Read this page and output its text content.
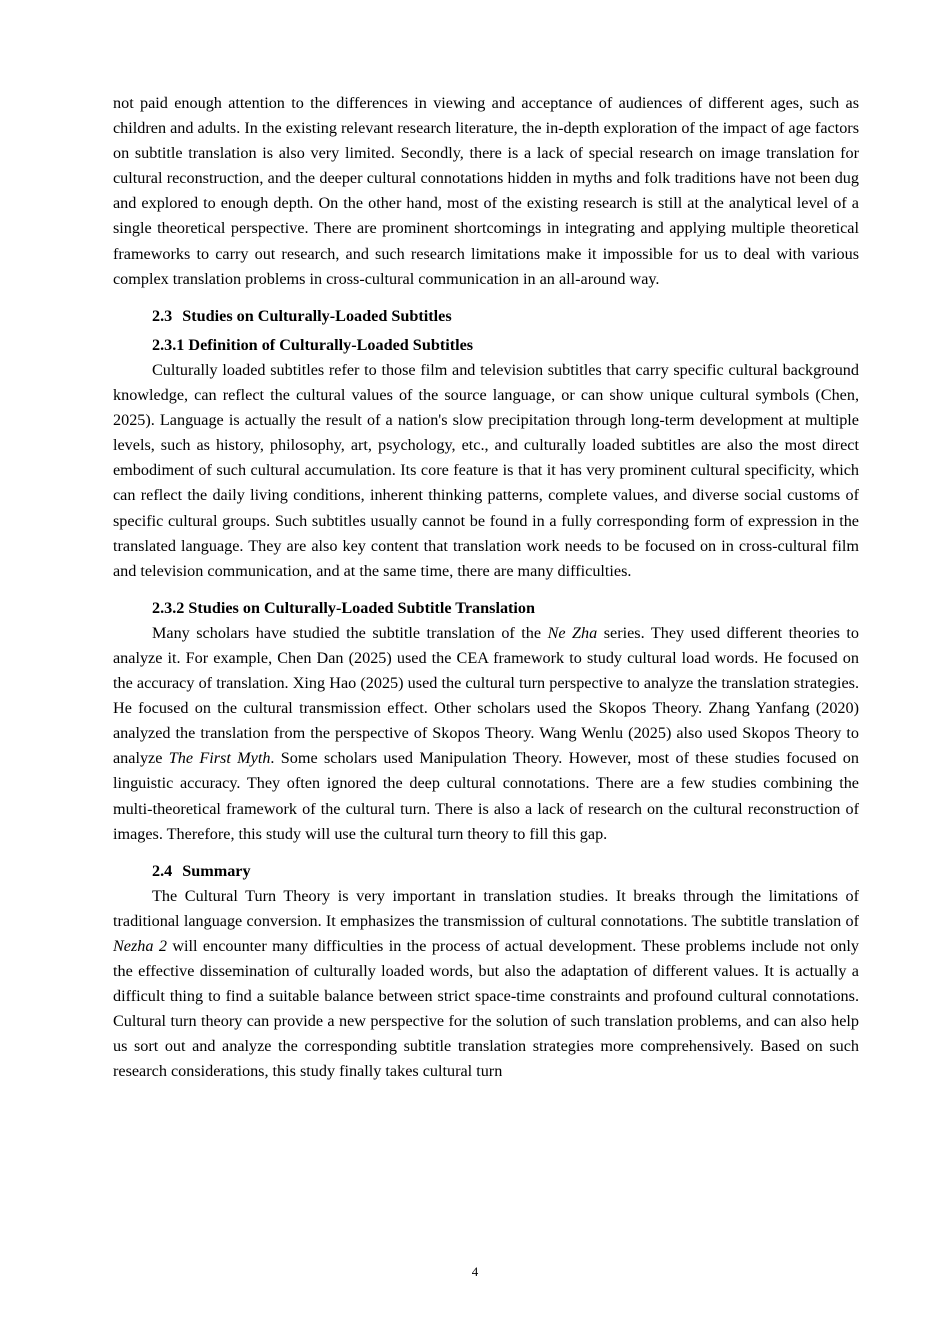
not paid enough attention to the differences in viewing and acceptance of audiences of different ages, such as children and adults. In the existing relevant research literature, the in-depth exploration of the impact of age factors on subtitle translation is also very limited. Secondly, there is a lack of special research on image translation for cultural reconstruction, and the deeper cultural connotations hidden in myths and folk traditions have not been dug and explored to enough depth. On the other hand, most of the existing research is still at the analytical level of a single theoretical perspective. There are prominent shortcomings in integrating and applying multiple theoretical frameworks to carry out research, and such research limitations make it impossible for us to deal with various complex translation problems in cross-cultural communication in an all-around way.

2.3 Studies on Culturally-Loaded Subtitles
2.3.1 Definition of Culturally-Loaded Subtitles

Culturally loaded subtitles refer to those film and television subtitles that carry specific cultural background knowledge, can reflect the cultural values of the source language, or can show unique cultural symbols (Chen, 2025). Language is actually the result of a nation's slow precipitation through long-term development at multiple levels, such as history, philosophy, art, psychology, etc., and culturally loaded subtitles are also the most direct embodiment of such cultural accumulation. Its core feature is that it has very prominent cultural specificity, which can reflect the daily living conditions, inherent thinking patterns, complete values, and diverse social customs of specific cultural groups. Such subtitles usually cannot be found in a fully corresponding form of expression in the translated language. They are also key content that translation work needs to be focused on in cross-cultural film and television communication, and at the same time, there are many difficulties.

2.3.2 Studies on Culturally-Loaded Subtitle Translation

Many scholars have studied the subtitle translation of the Ne Zha series. They used different theories to analyze it. For example, Chen Dan (2025) used the CEA framework to study cultural load words. He focused on the accuracy of translation. Xing Hao (2025) used the cultural turn perspective to analyze the translation strategies. He focused on the cultural transmission effect. Other scholars used the Skopos Theory. Zhang Yanfang (2020) analyzed the translation from the perspective of Skopos Theory. Wang Wenlu (2025) also used Skopos Theory to analyze The First Myth. Some scholars used Manipulation Theory. However, most of these studies focused on linguistic accuracy. They often ignored the deep cultural connotations. There are a few studies combining the multi-theoretical framework of the cultural turn. There is also a lack of research on the cultural reconstruction of images. Therefore, this study will use the cultural turn theory to fill this gap.

2.4 Summary

The Cultural Turn Theory is very important in translation studies. It breaks through the limitations of traditional language conversion. It emphasizes the transmission of cultural connotations. The subtitle translation of Nezha 2 will encounter many difficulties in the process of actual development. These problems include not only the effective dissemination of culturally loaded words, but also the adaptation of different values. It is actually a difficult thing to find a suitable balance between strict space-time constraints and profound cultural connotations. Cultural turn theory can provide a new perspective for the solution of such translation problems, and can also help us sort out and analyze the corresponding subtitle translation strategies more comprehensively. Based on such research considerations, this study finally takes cultural turn

4
